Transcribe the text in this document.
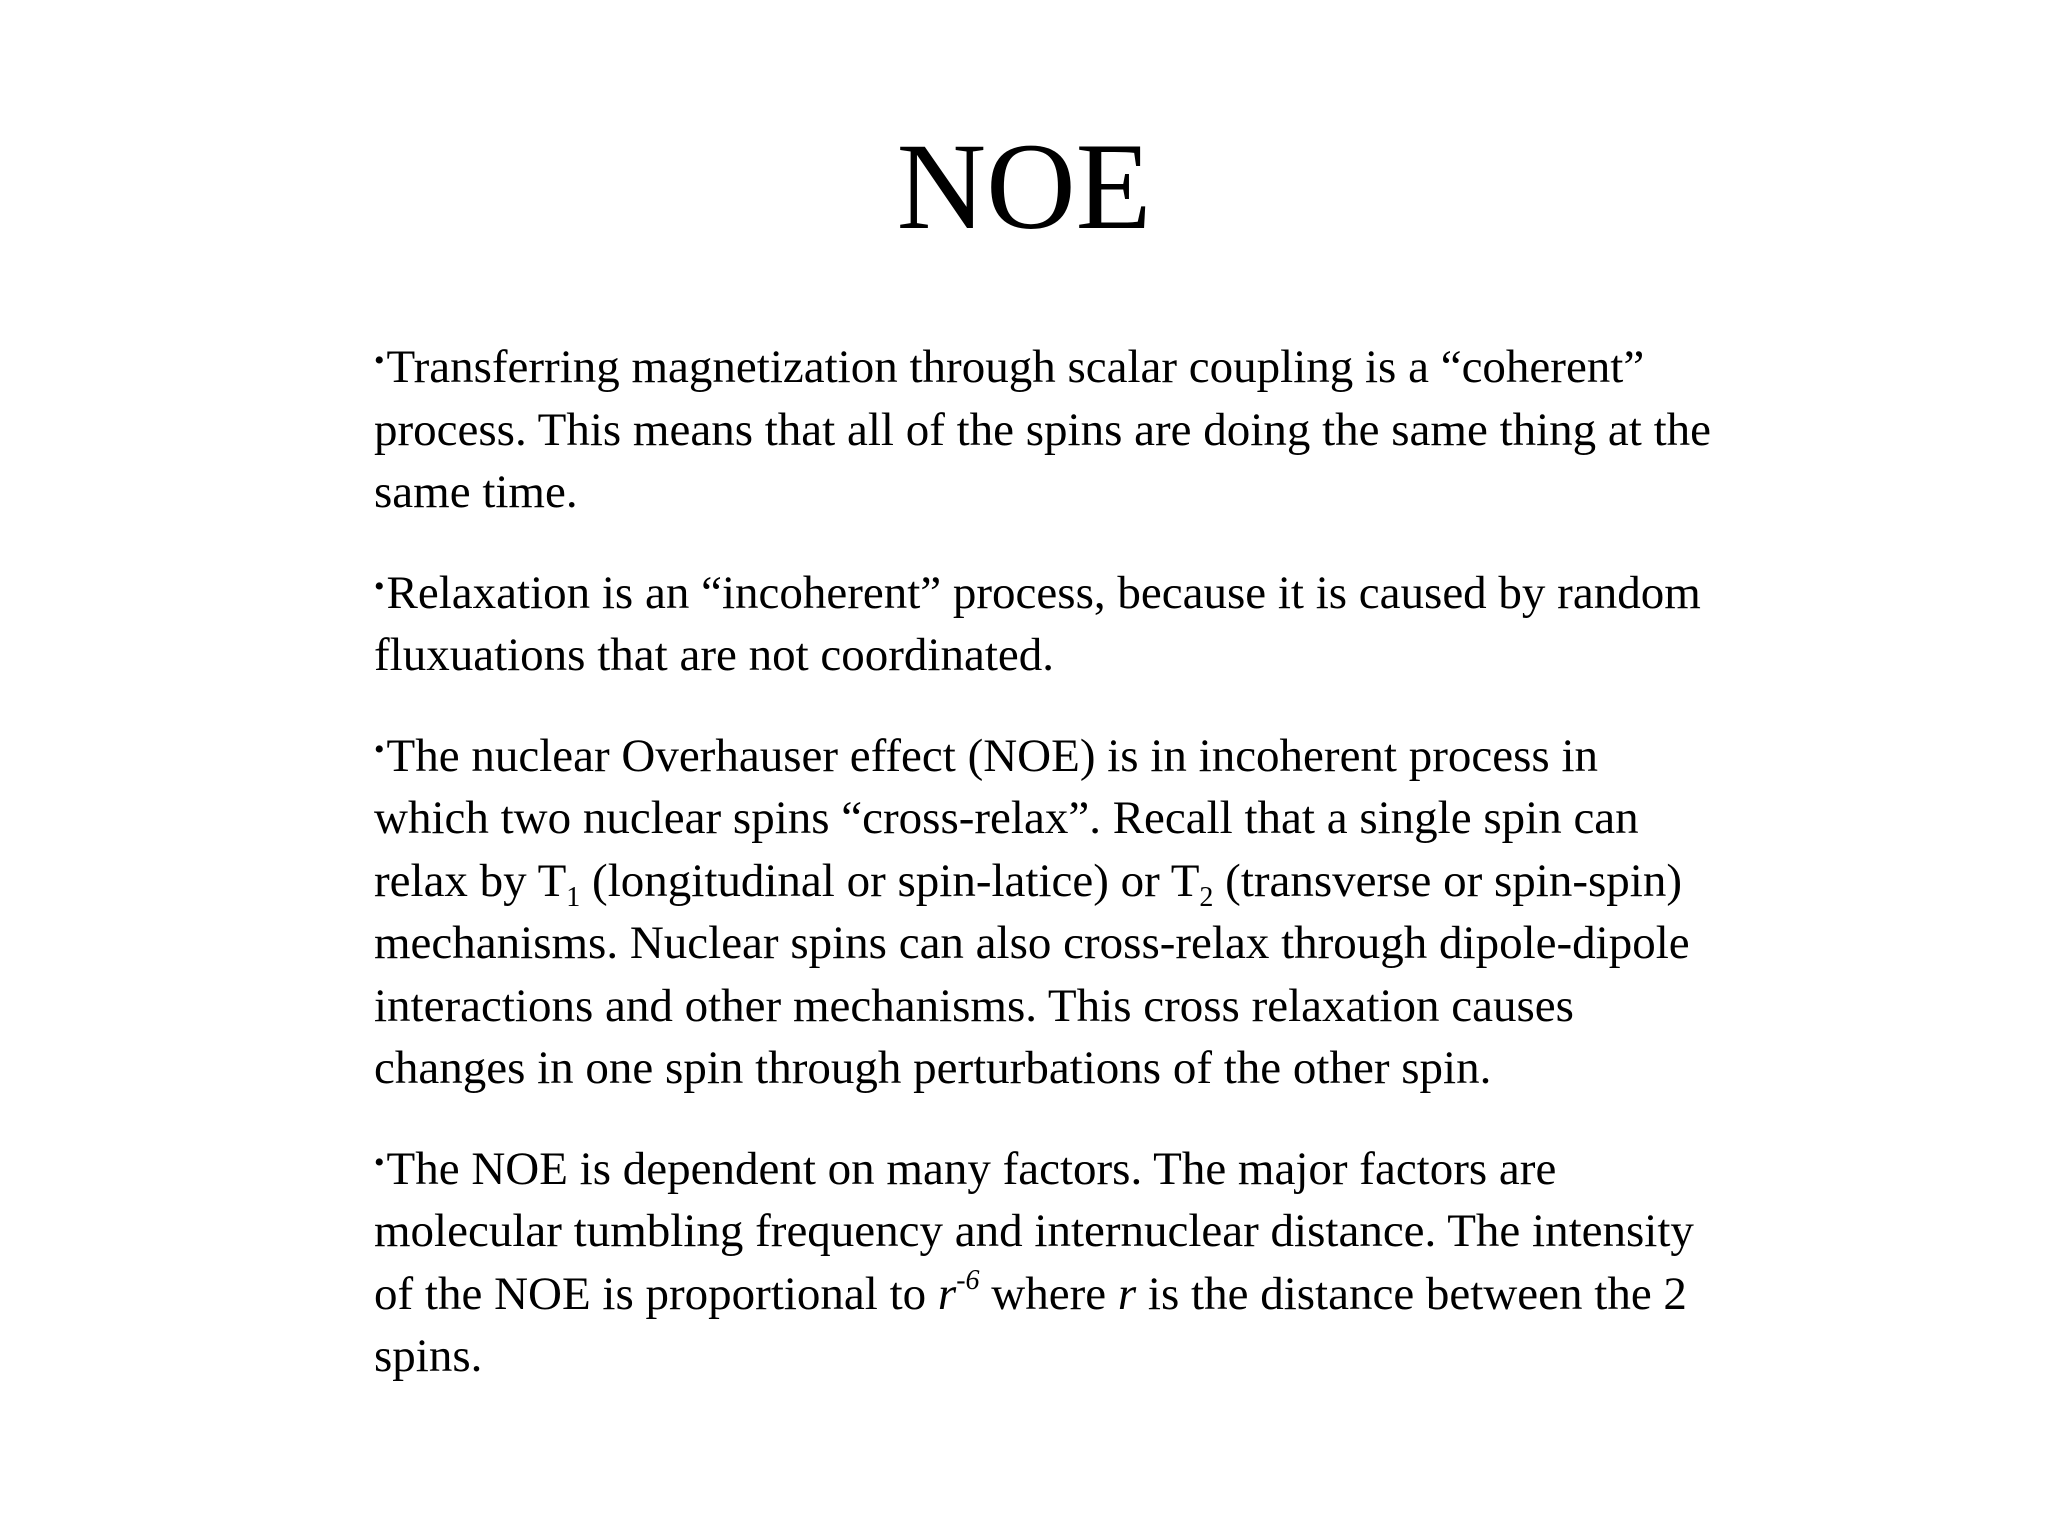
NOE

•Transferring magnetization through scalar coupling is a “coherent” process. This means that all of the spins are doing the same thing at the same time.

•Relaxation is an “incoherent” process, because it is caused by random fluxuations that are not coordinated.

•The nuclear Overhauser effect (NOE) is in incoherent process in which two nuclear spins “cross-relax”. Recall that a single spin can relax by $T_1$ (longitudinal or spin-latice) or $T_2$ (transverse or spin-spin) mechanisms. Nuclear spins can also cross-relax through dipole-dipole interactions and other mechanisms. This cross relaxation causes changes in one spin through perturbations of the other spin.

•The NOE is dependent on many factors. The major factors are molecular tumbling frequency and internuclear distance. The intensity of the NOE is proportional to $r^{-6}$ where r is the distance between the 2 spins.
